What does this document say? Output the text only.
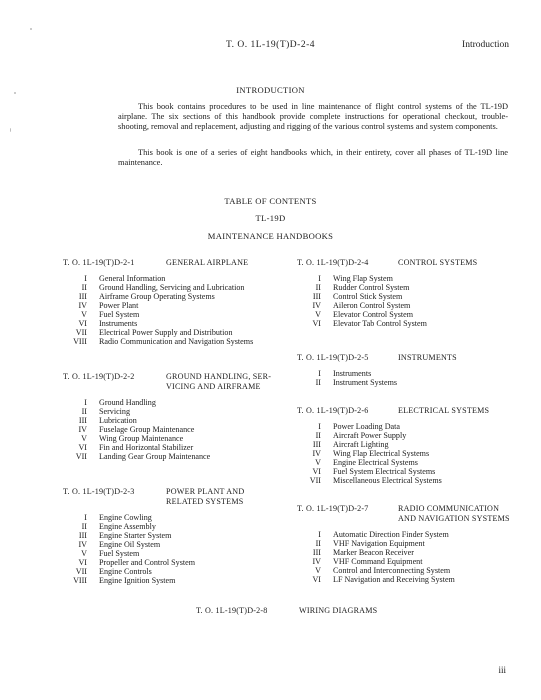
T. O. 1L-19(T)D-2-4	Introduction
INTRODUCTION
This book contains procedures to be used in line maintenance of flight control systems of the TL-19D airplane. The six sections of this handbook provide complete instructions for operational checkout, trouble-shooting, removal and replacement, adjusting and rigging of the various control systems and system components.
This book is one of a series of eight handbooks which, in their entirety, cover all phases of TL-19D line maintenance.
TABLE OF CONTENTS
TL-19D
MAINTENANCE HANDBOOKS
T. O. 1L-19(T)D-2-1	GENERAL AIRPLANE
I	General Information
II	Ground Handling, Servicing and Lubrication
III	Airframe Group Operating Systems
IV	Power Plant
V	Fuel System
VI	Instruments
VII	Electrical Power Supply and Distribution
VIII	Radio Communication and Navigation Systems
T. O. 1L-19(T)D-2-2	GROUND HANDLING, SER-
VICING AND AIRFRAME
I	Ground Handling
II	Servicing
III	Lubrication
IV	Fuselage Group Maintenance
V	Wing Group Maintenance
VI	Fin and Horizontal Stabilizer
VII	Landing Gear Group Maintenance
T. O. 1L-19(T)D-2-3	POWER PLANT AND
RELATED SYSTEMS
I	Engine Cowling
II	Engine Assembly
III	Engine Starter System
IV	Engine Oil System
V	Fuel System
VI	Propeller and Control System
VII	Engine Controls
VIII	Engine Ignition System
T. O. 1L-19(T)D-2-4	CONTROL SYSTEMS
I	Wing Flap System
II	Rudder Control System
III	Control Stick System
IV	Aileron Control System
V	Elevator Control System
VI	Elevator Tab Control System
T. O. 1L-19(T)D-2-5	INSTRUMENTS
I	Instruments
II	Instrument Systems
T. O. 1L-19(T)D-2-6	ELECTRICAL SYSTEMS
I	Power Loading Data
II	Aircraft Power Supply
III	Aircraft Lighting
IV	Wing Flap Electrical Systems
V	Engine Electrical Systems
VI	Fuel System Electrical Systems
VII	Miscellaneous Electrical Systems
T. O. 1L-19(T)D-2-7	RADIO COMMUNICATION
AND NAVIGATION SYSTEMS
I	Automatic Direction Finder System
II	VHF Navigation Equipment
III	Marker Beacon Receiver
IV	VHF Command Equipment
V	Control and Interconnecting System
VI	LF Navigation and Receiving System
T. O. 1L-19(T)D-2-8	WIRING DIAGRAMS
iii
